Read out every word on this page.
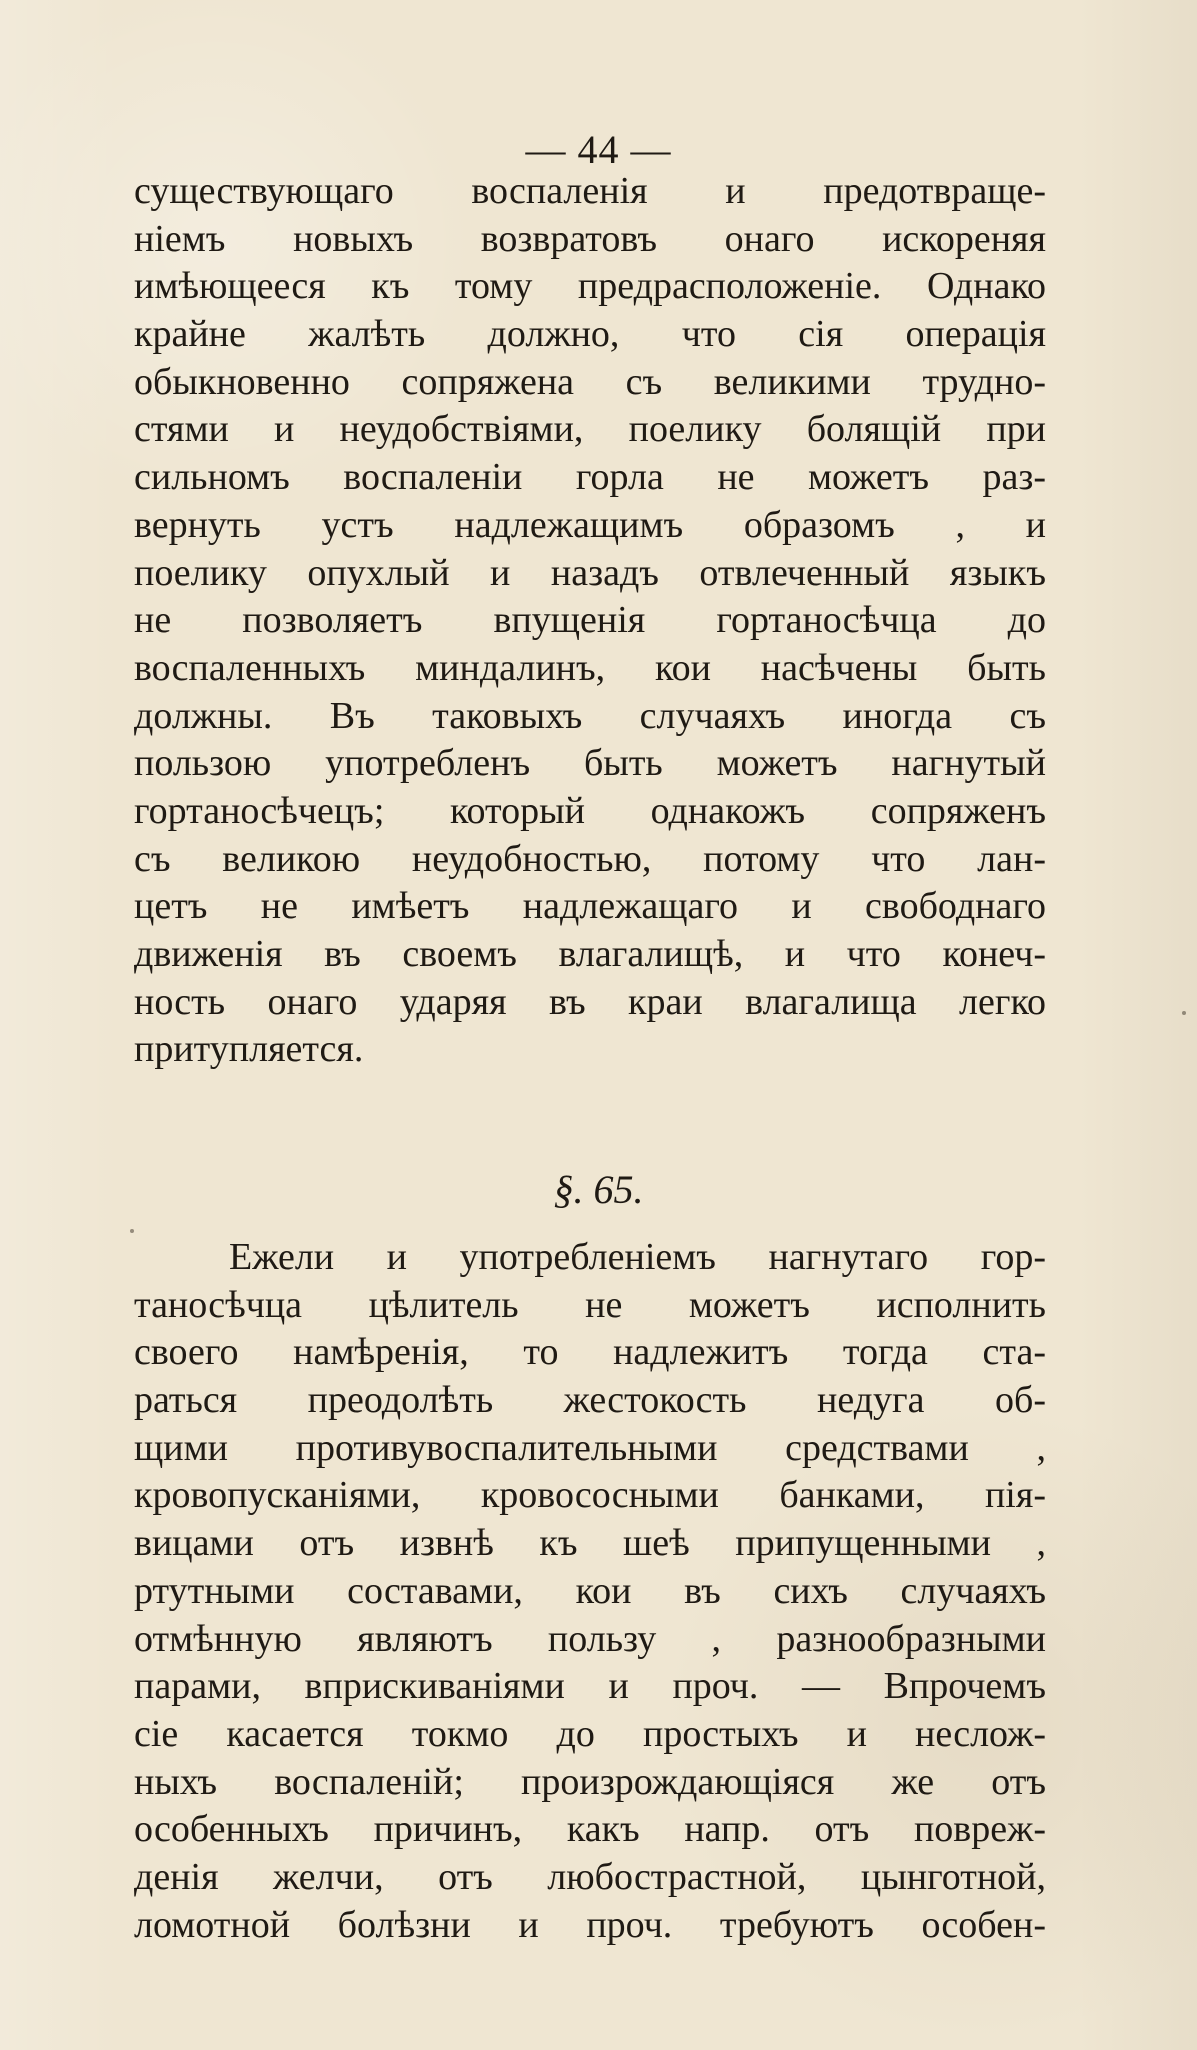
— 44 —
существующаго воспаленія и предотвраще-
ніемъ новыхъ возвратовъ онаго искореняя
имѣющееся къ тому предрасположеніе. Однако
крайне жалѣть должно, что сія операція
обыкновенно сопряжена съ великими трудно-
стями и неудобствіями, поелику болящій при
сильномъ воспаленіи горла не можетъ раз-
вернуть устъ надлежащимъ образомъ , и
поелику опухлый и назадъ отвлеченный языкъ
не позволяетъ впущенія гортаносѣчца до
воспаленныхъ миндалинъ, кои насѣчены быть
должны. Въ таковыхъ случаяхъ иногда съ
пользою употребленъ быть можетъ нагнутый
гортаносѣчецъ; который однакожъ сопряженъ
съ великою неудобностью, потому что лан-
цетъ не имѣетъ надлежащаго и свободнаго
движенія въ своемъ влагалищѣ, и что конеч-
ность онаго ударяя въ краи влагалища легко
притупляется.
§. 65.
Ежели и употребленіемъ нагнутаго гор-
таносѣчца цѣлитель не можетъ исполнить
своего намѣренія, то надлежитъ тогда ста-
раться преодолѣть жестокость недуга об-
щими противувоспалительными средствами ,
кровопусканіями, кровососными банками, пія-
вицами отъ извнѣ къ шеѣ припущенными ,
ртутными составами, кои въ сихъ случаяхъ
отмѣнную являютъ пользу , разнообразными
парами, вприскиваніями и проч. — Впрочемъ
сіе касается токмо до простыхъ и неслож-
ныхъ воспаленій; произрождающіяся же отъ
особенныхъ причинъ, какъ напр. отъ повреж-
денія желчи, отъ любострастной, цынготной,
ломотной болѣзни и проч. требуютъ особен-
